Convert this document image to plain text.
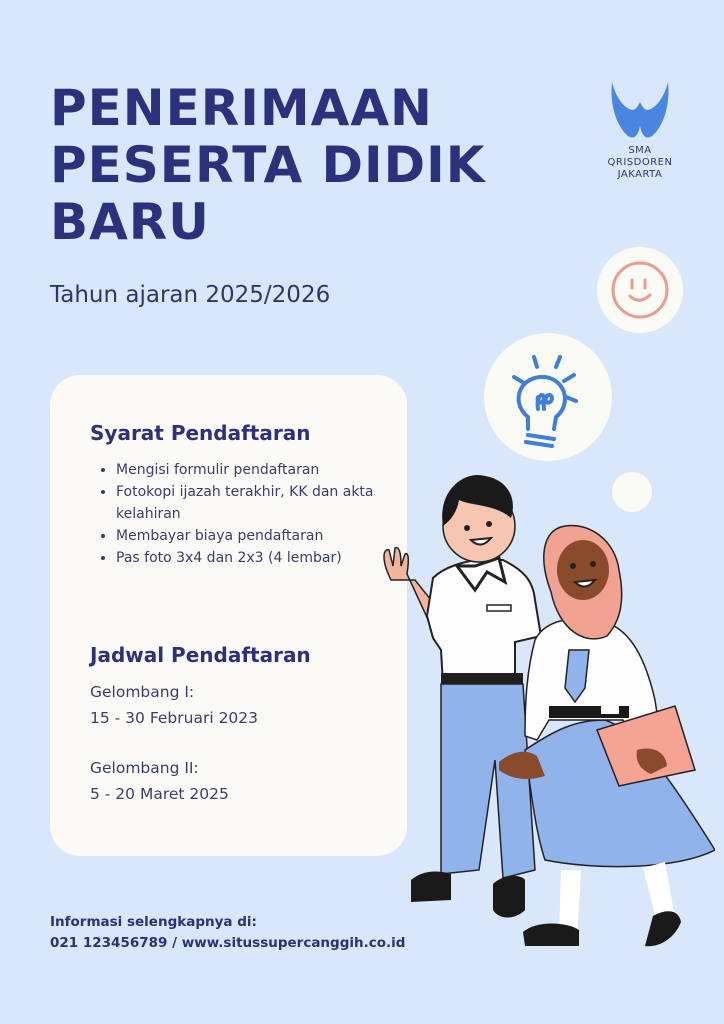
PENERIMAAN
PESERTA DIDIK
BARU
Tahun ajaran 2025/2026
SMA
QRISDOREN
JAKARTA
Syarat Pendaftaran
• Mengisi formulir pendaftaran
• Fotokopi ijazah terakhir, KK dan akta kelahiran
• Membayar biaya pendaftaran
• Pas foto 3x4 dan 2x3 (4 lembar)
Jadwal Pendaftaran
Gelombang I:
15 - 30 Februari 2023
Gelombang II:
5 - 20 Maret 2025
Informasi selengkapnya di:
021 123456789 / www.situssupercanggih.co.id
